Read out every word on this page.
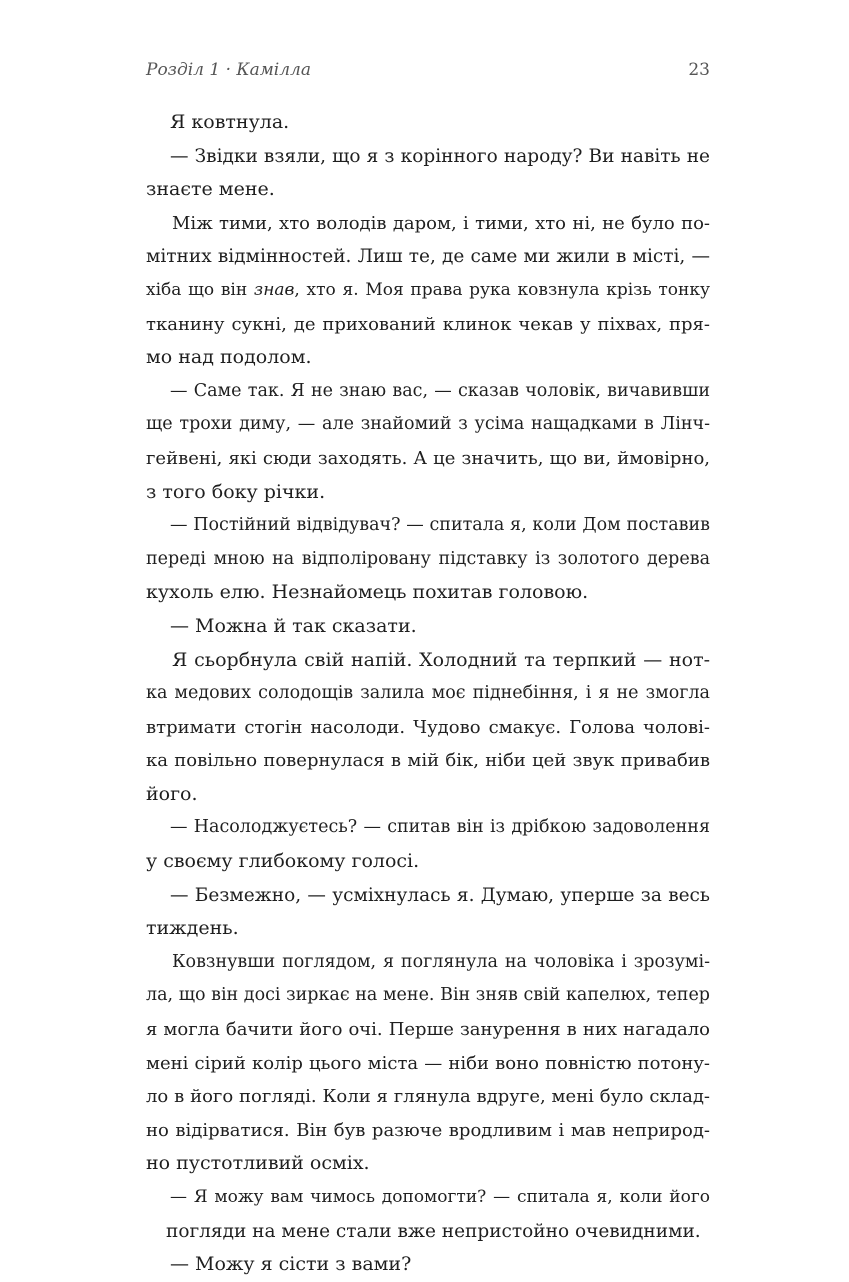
Розділ 1 · Камілла	23
Я ковтнула.
— Звідки взяли, що я з корінного народу? Ви навіть не
знаєте мене.
Між тими, хто володів даром, і тими, хто ні, не було по-
мітних відмінностей. Лиш те, де саме ми жили в місті, —
хіба що він знав, хто я. Моя права рука ковзнула крізь тонку
тканину сукні, де прихований клинок чекав у піхвах, пря-
мо над подолом.
— Саме так. Я не знаю вас, — сказав чоловік, вичавивши
ще трохи диму, — але знайомий з усіма нащадками в Лінч-
гейвені, які сюди заходять. А це значить, що ви, ймовірно,
з того боку річки.
— Постійний відвідувач? — спитала я, коли Дом поставив
переді мною на відполіровану підставку із золотого дерева
кухоль елю. Незнайомець похитав головою.
— Можна й так сказати.
Я сьорбнула свій напій. Холодний та терпкий — нот-
ка медових солодощів залила моє піднебіння, і я не змогла
втримати стогін насолоди. Чудово смакує. Голова чолові-
ка повільно повернулася в мій бік, ніби цей звук привабив
його.
— Насолоджуєтесь? — спитав він із дрібкою задоволення
у своєму глибокому голосі.
— Безмежно, — усміхнулась я. Думаю, уперше за весь
тиждень.
Ковзнувши поглядом, я поглянула на чоловіка і зрозумі-
ла, що він досі зиркає на мене. Він зняв свій капелюх, тепер
я могла бачити його очі. Перше занурення в них нагадало
мені сірий колір цього міста — ніби воно повністю потону-
ло в його погляді. Коли я глянула вдруге, мені було склад-
но відірватися. Він був разюче вродливим і мав неприрод-
но пустотливий осміх.
— Я можу вам чимось допомогти? — спитала я, коли його
погляди на мене стали вже непристойно очевидними.
— Можу я сісти з вами?
